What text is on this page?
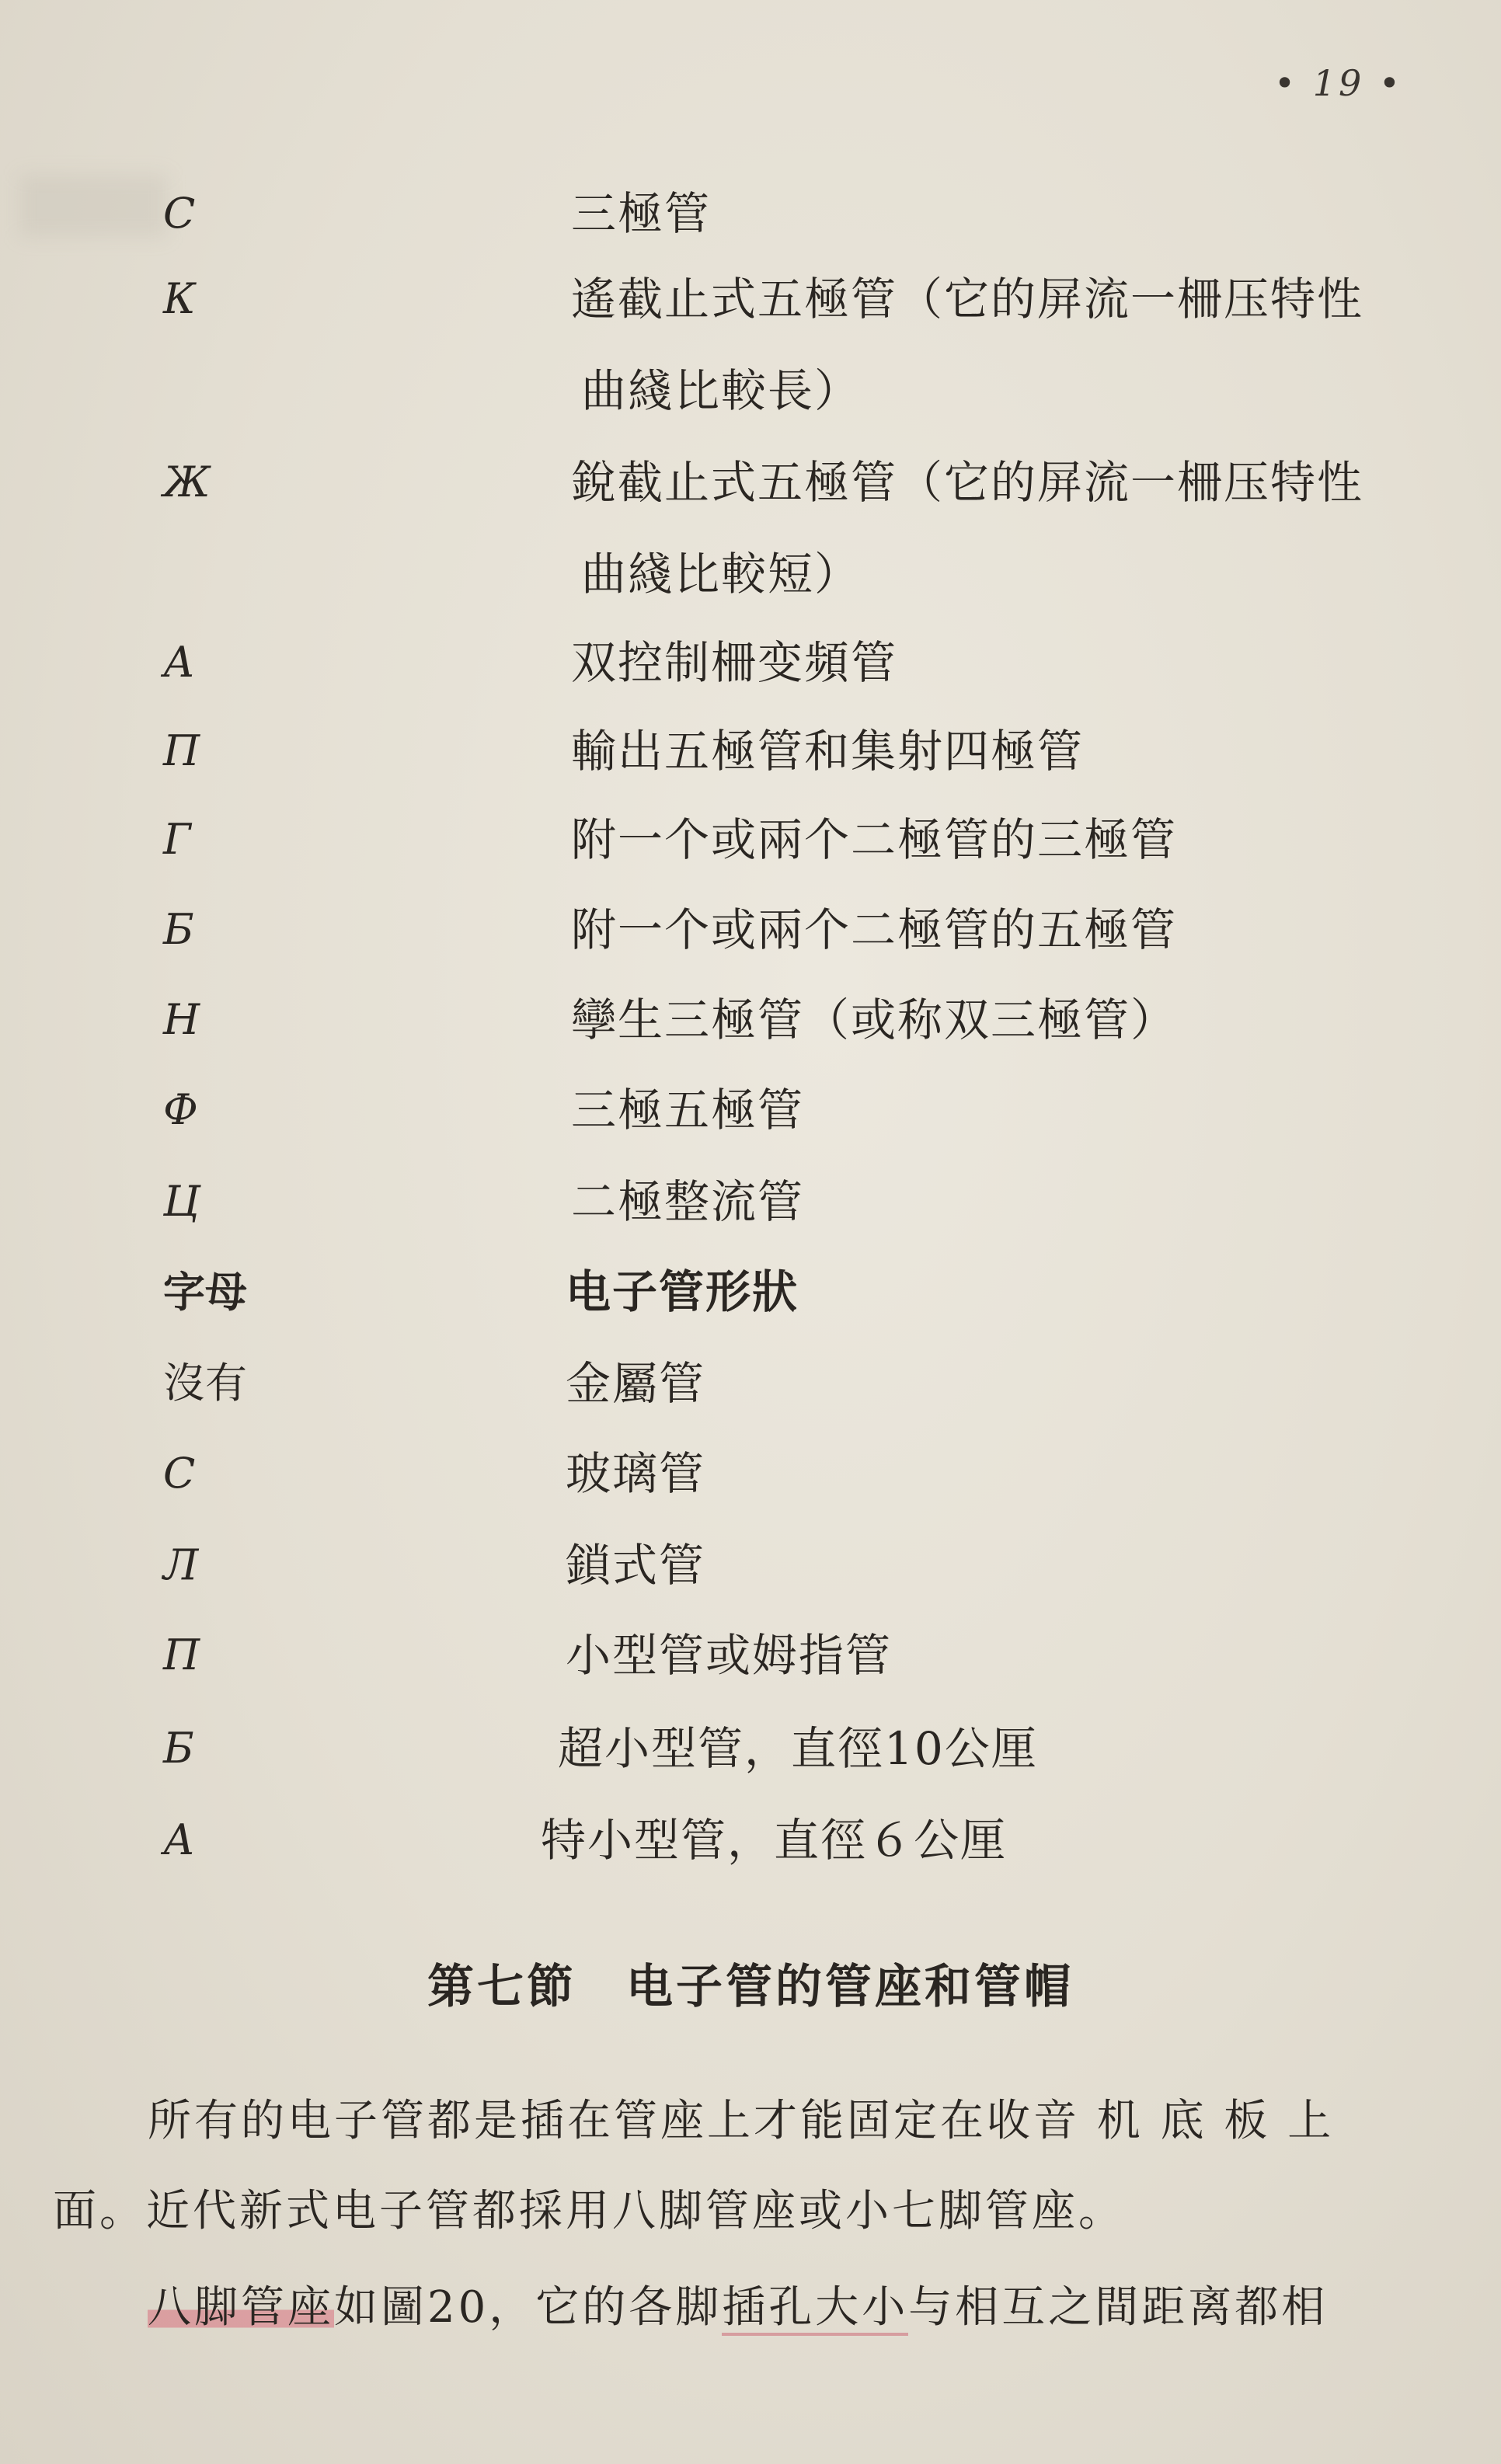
• 19 •
С	三極管
К	遙截止式五極管（它的屏流一柵压特性
曲綫比較長）
Ж	銳截止式五極管（它的屏流一柵压特性
曲綫比較短）
А	双控制柵变頻管
П	輸出五極管和集射四極管
Г	附一个或兩个二極管的三極管
Б	附一个或兩个二極管的五極管
Н	孿生三極管（或称双三極管）
Ф	三極五極管
Ц	二極整流管
字母	电子管形狀
沒有	金屬管
С	玻璃管
Л	鎖式管
П	小型管或姆指管
Б	超小型管，直徑10公厘
А	特小型管，直徑６公厘
第七節　电子管的管座和管帽
所有的电子管都是插在管座上才能固定在收音 机 底 板 上
面。近代新式电子管都採用八脚管座或小七脚管座。
八脚管座如圖20，它的各脚插孔大小与相互之間距离都相
